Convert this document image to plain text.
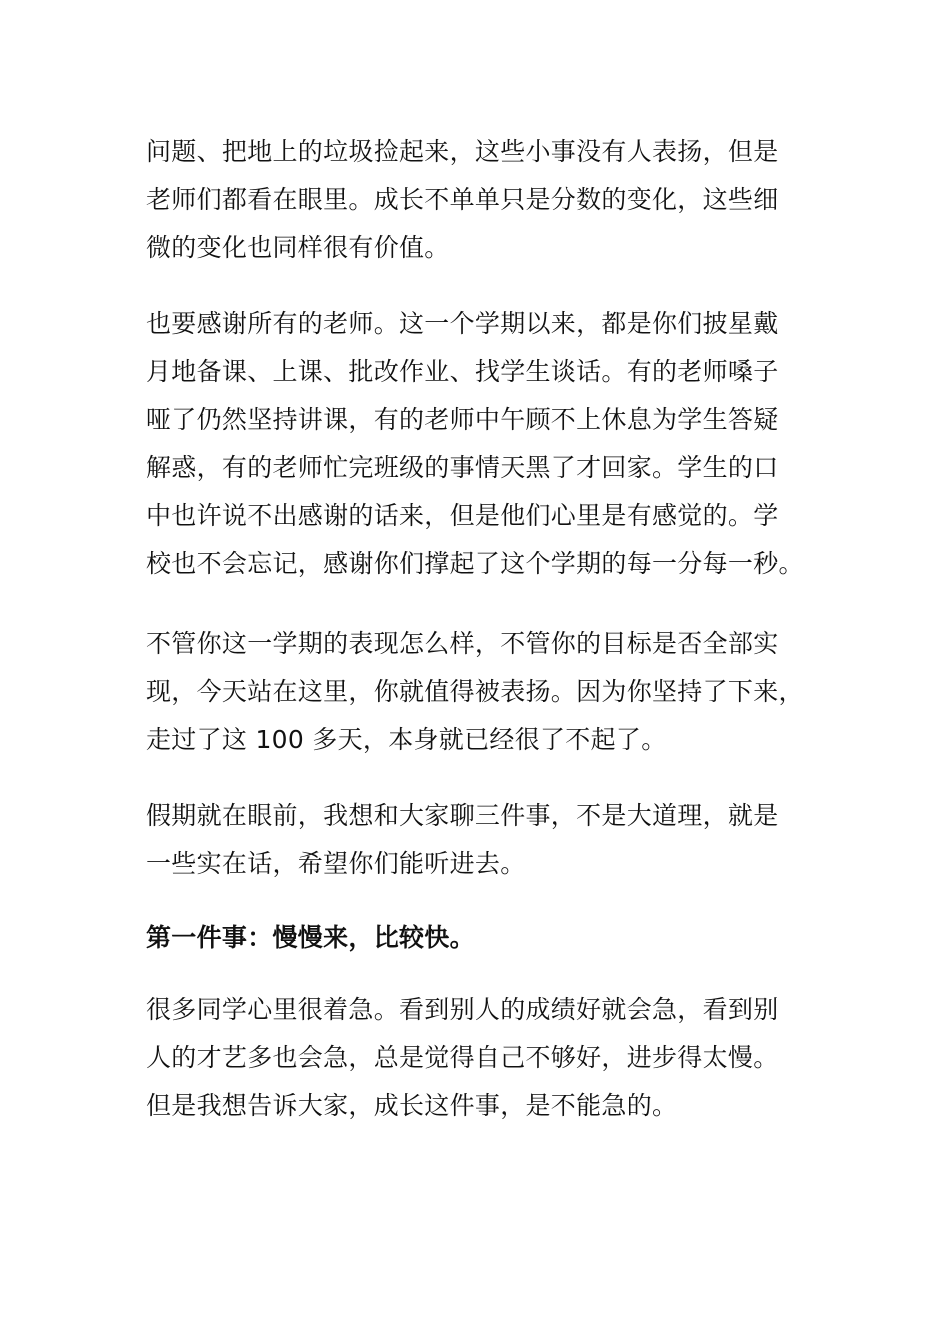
问题、把地上的垃圾捡起来，这些小事没有人表扬，但是
老师们都看在眼里。成长不单单只是分数的变化，这些细
微的变化也同样很有价值。

也要感谢所有的老师。这一个学期以来，都是你们披星戴
月地备课、上课、批改作业、找学生谈话。有的老师嗓子
哑了仍然坚持讲课，有的老师中午顾不上休息为学生答疑
解惑，有的老师忙完班级的事情天黑了才回家。学生的口
中也许说不出感谢的话来，但是他们心里是有感觉的。学
校也不会忘记，感谢你们撑起了这个学期的每一分每一秒。

不管你这一学期的表现怎么样，不管你的目标是否全部实
现，今天站在这里，你就值得被表扬。因为你坚持了下来，
走过了这 100 多天，本身就已经很了不起了。

假期就在眼前，我想和大家聊三件事，不是大道理，就是
一些实在话，希望你们能听进去。

第一件事：慢慢来，比较快。

很多同学心里很着急。看到别人的成绩好就会急，看到别
人的才艺多也会急，总是觉得自己不够好，进步得太慢。
但是我想告诉大家，成长这件事，是不能急的。
